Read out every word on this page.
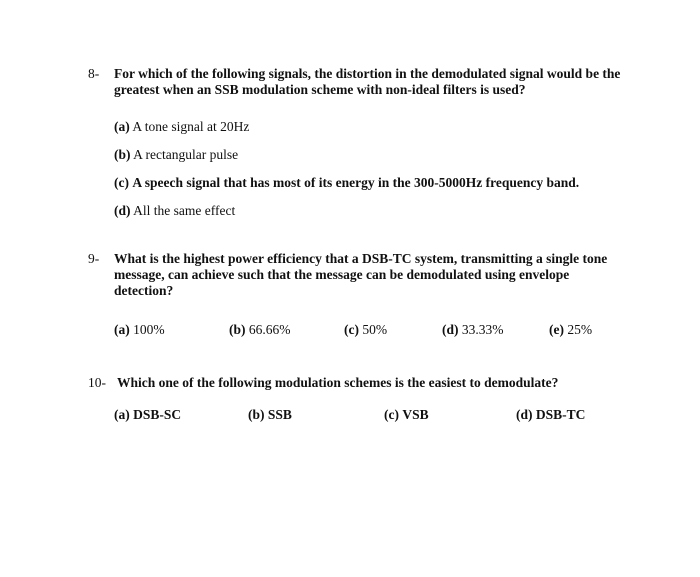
8-	For which of the following signals, the distortion in the demodulated signal would be the greatest when an SSB modulation scheme with non-ideal filters is used?
(a) A tone signal at 20Hz
(b) A rectangular pulse
(c) A speech signal that has most of its energy in the 300-5000Hz frequency band.
(d) All the same effect
9-	What is the highest power efficiency that a DSB-TC system, transmitting a single tone message, can achieve such that the message can be demodulated using envelope detection?
(a) 100%	(b) 66.66%	(c) 50%	(d) 33.33%	(e) 25%
10- Which one of the following modulation schemes is the easiest to demodulate?
(a) DSB-SC	(b) SSB	(c) VSB	(d) DSB-TC
